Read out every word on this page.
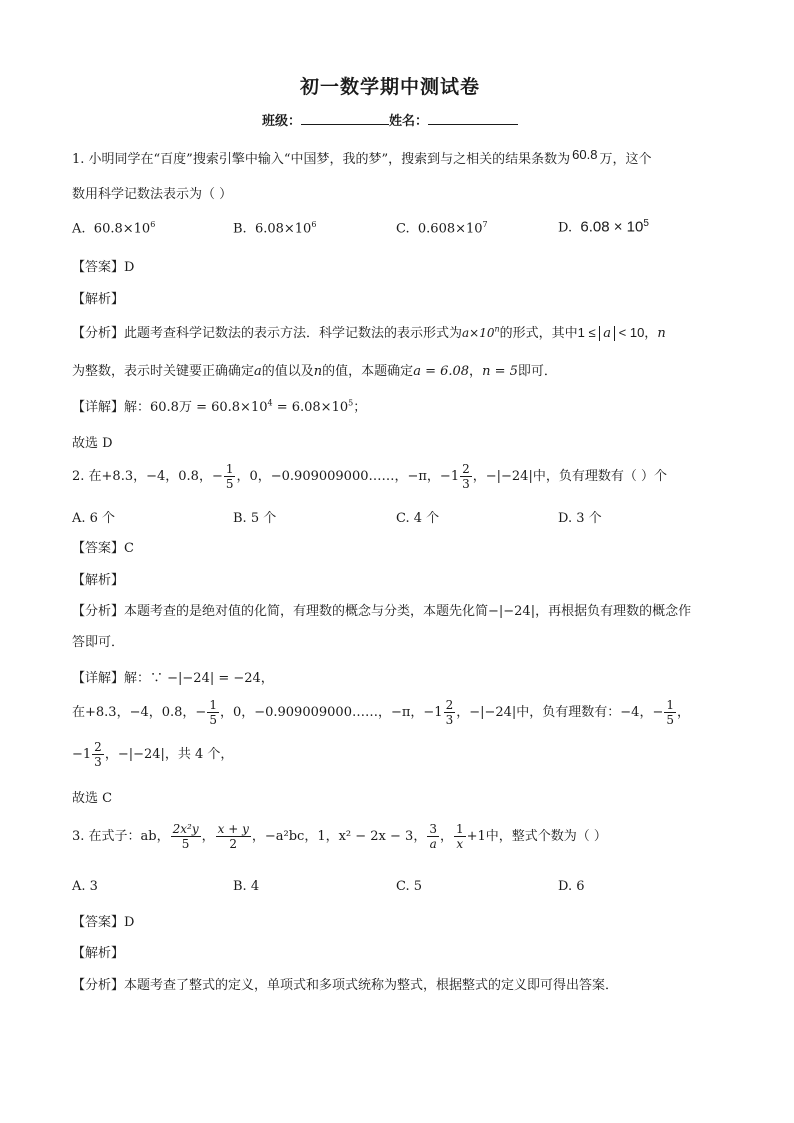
初一数学期中测试卷
班级：	姓名：
1. 小明同学在“百度”搜索引擎中输入“中国梦，我的梦”，搜索到与之相关的结果条数为 60.8 万，这个
数用科学记数法表示为（ ）
A. $60.8\times 10^6$	B. $6.08\times 10^6$	C. $0.608\times 10^7$	D. $6.08 \times 10^5$
【答案】D
【解析】
【分析】此题考查科学记数法的表示方法．科学记数法的表示形式为$a\times 10^n$的形式，其中1 ≤ a < 10，n
为整数，表示时关键要正确确定a的值以及n的值，本题确定a = 6.08，n = 5即可．
【详解】解：60.8万 = $60.8\times 10^4 = 6.08\times 10^5$；
故选 D
2. 在+8.3，−4，0.8，− $\frac{1}{5}$ ，0，−0.909009000……，−π，$-1 \frac{2}{3}$ ，−|−24|中，负有理数有（ ）个
A. 6 个	B. 5 个	C. 4 个	D. 3 个
【答案】C
【解析】
【分析】本题考查的是绝对值的化简，有理数的概念与分类，本题先化简−|−24|，再根据负有理数的概念作
答即可．
【详解】解：∵ −|−24| = −24，
在+8.3，−4，0.8，− $\frac{1}{5}$ ，0，−0.909009000……，−π，$-1 \frac{2}{3}$ ，−|−24|中，负有理数有：−4，− $\frac{1}{5}$ ，
$-1 \frac{2}{3}$ ，−|−24|，共 4 个，
故选 C
3. 在式子：ab， $\frac{\text{2x²y}}{5}$ ， $\frac{x + y}{2}$ ，−a²bc，1，x² − 2x − 3， $\frac{3}{a}$ ， $\frac{1}{x} +1$中，整式个数为（ ）
A. 3	B. 4	C. 5	D. 6
【答案】D
【解析】
【分析】本题考查了整式的定义，单项式和多项式统称为整式，根据整式的定义即可得出答案．
